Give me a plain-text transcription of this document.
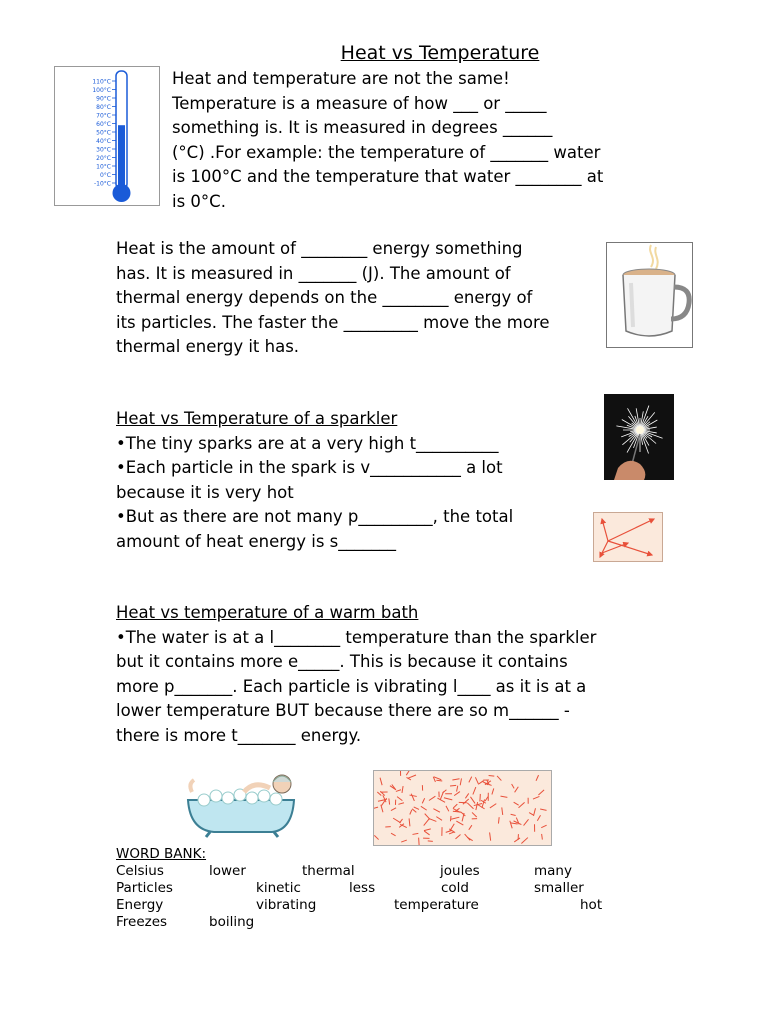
Heat vs Temperature
110°C
100°C
90°C
80°C
70°C
60°C
50°C
40°C
30°C
20°C
10°C
0°C
-10°C
Heat and temperature are not the same!
Temperature is a measure of how ___ or _____
something is. It is measured in degrees ______
(°C) .For example: the temperature of _______ water
is 100°C and the temperature that water ________ at
is 0°C.
Heat is the amount of ________ energy something
has. It is measured in _______ (J). The amount of
thermal energy depends on the ________ energy of
its particles. The faster the _________ move the more
thermal energy it has.
Heat vs Temperature of a sparkler
•The tiny sparks are at a very high t__________
•Each particle in the spark is v___________ a lot
because it is very hot
•But as there are not many p_________, the total
amount of heat energy is s_______
Heat vs temperature of a warm bath
•The water is at a l________ temperature than the sparkler
but it contains more e_____. This is because it contains
more p_______. Each particle is vibrating l____ as it is at a
lower temperature BUT because there are so m______ -
there is more t_______ energy.
WORD BANK:
Celsius	lower	thermal	joules	many
Particles	kinetic	less	cold	smaller
Energy	vibrating	temperature	hot
Freezes	boiling
